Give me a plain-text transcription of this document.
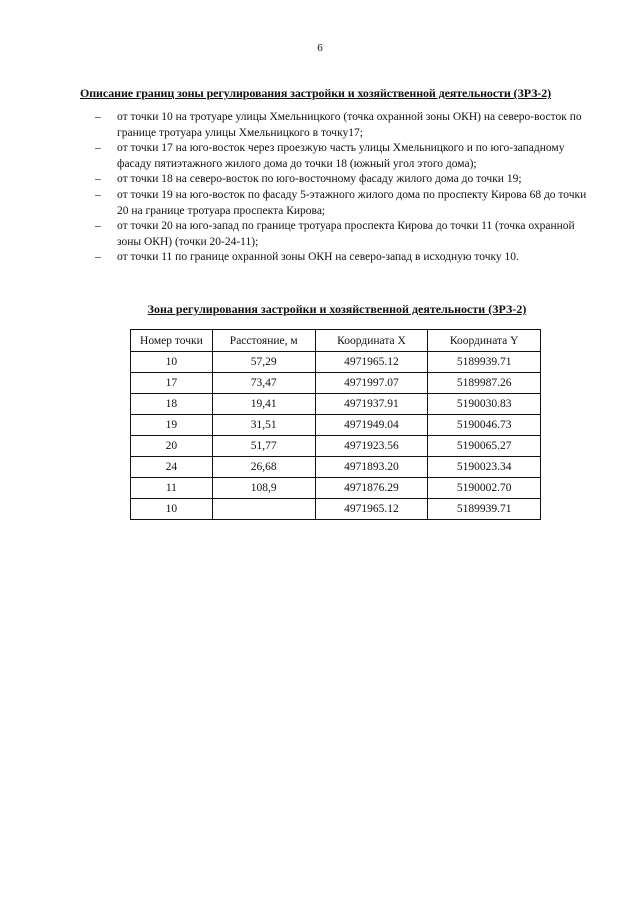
6
Описание границ зоны регулирования застройки и хозяйственной деятельности (ЗРЗ-2)
– от точки 10 на тротуаре улицы Хмельницкого (точка охранной зоны ОКН) на северо-восток по границе тротуара улицы Хмельницкого в точку17;
– от точки 17 на юго-восток через проезжую часть улицы Хмельницкого и по юго-западному фасаду пятиэтажного жилого дома до точки 18 (южный угол этого дома);
– от точки 18 на северо-восток по юго-восточному фасаду жилого дома до точки 19;
– от точки 19 на юго-восток по фасаду 5-этажного жилого дома по проспекту Кирова 68 до точки 20 на границе тротуара проспекта Кирова;
– от точки 20 на юго-запад по границе тротуара проспекта Кирова до точки 11 (точка охранной зоны ОКН) (точки 20-24-11);
– от точки 11 по границе охранной зоны ОКН на северо-запад в исходную точку 10.
Зона регулирования застройки и хозяйственной деятельности (ЗРЗ-2)
Номер точки	Расстояние, м	Координата X	Координата Y
10	57,29	4971965.12	5189939.71
17	73,47	4971997.07	5189987.26
18	19,41	4971937.91	5190030.83
19	31,51	4971949.04	5190046.73
20	51,77	4971923.56	5190065.27
24	26,68	4971893.20	5190023.34
11	108,9	4971876.29	5190002.70
10		4971965.12	5189939.71
